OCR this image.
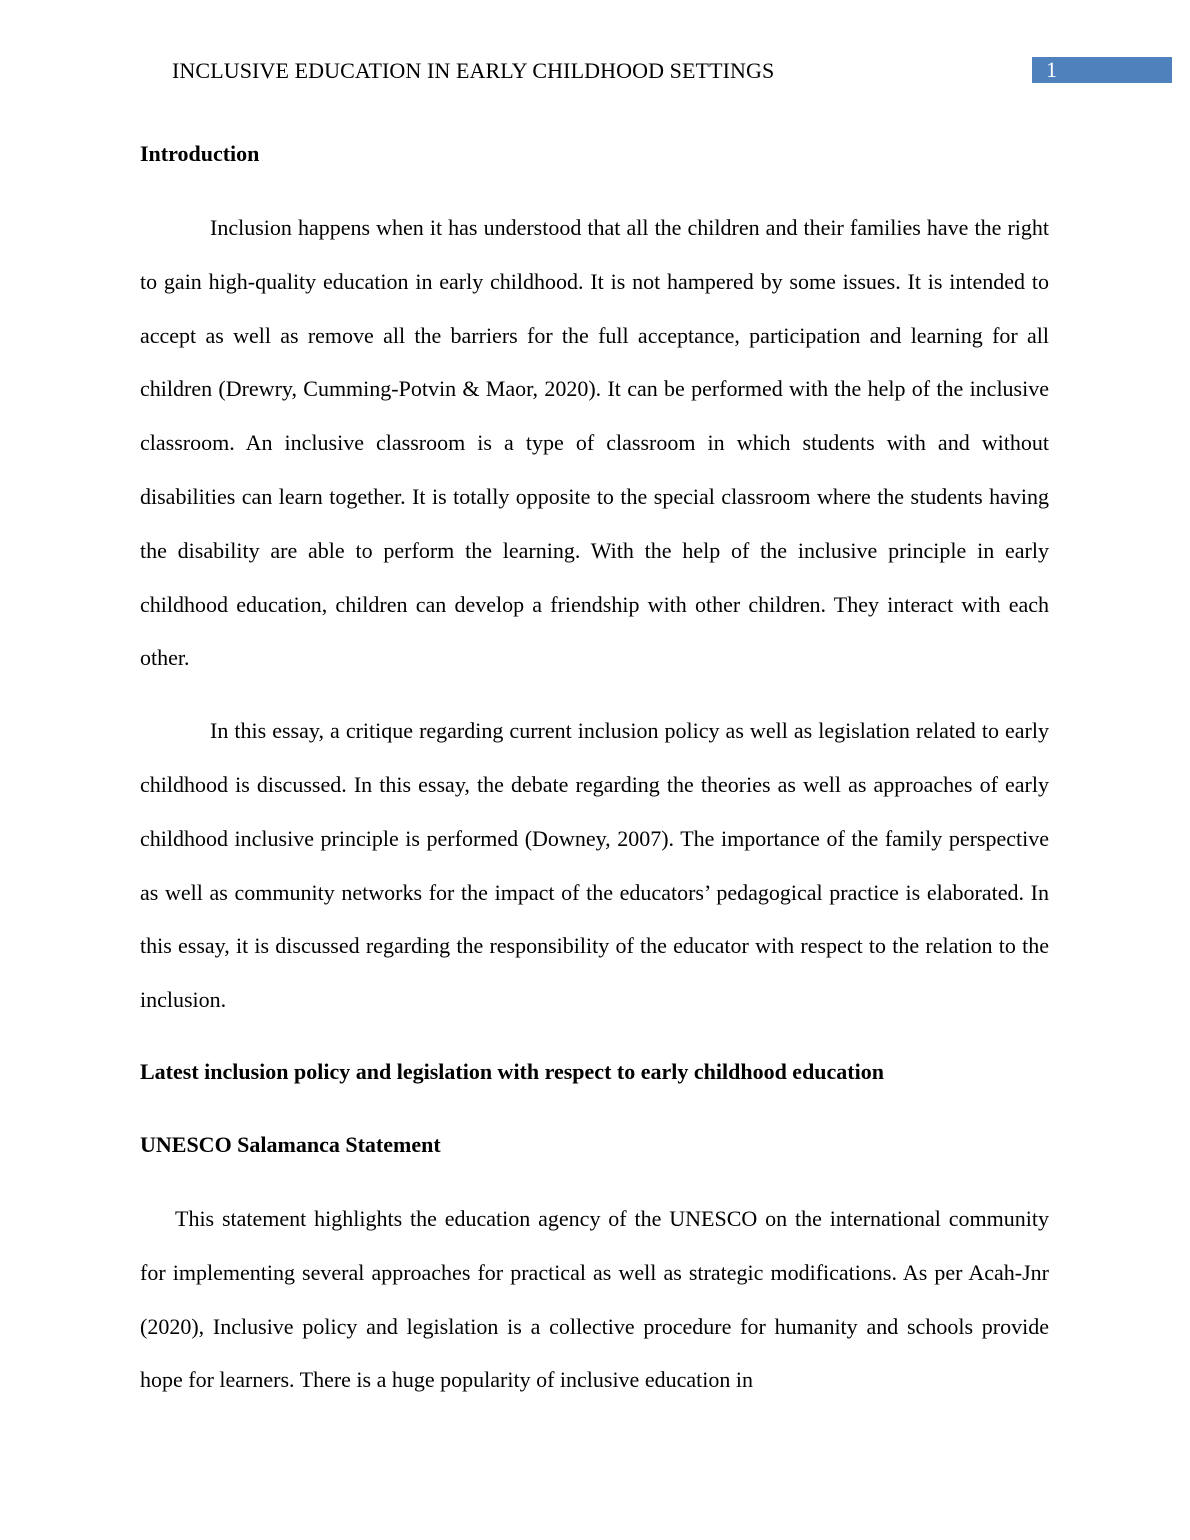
INCLUSIVE EDUCATION IN EARLY CHILDHOOD SETTINGS	1
Introduction

Inclusion happens when it has understood that all the children and their families have the right to gain high-quality education in early childhood. It is not hampered by some issues. It is intended to accept as well as remove all the barriers for the full acceptance, participation and learning for all children (Drewry, Cumming-Potvin & Maor, 2020). It can be performed with the help of the inclusive classroom. An inclusive classroom is a type of classroom in which students with and without disabilities can learn together. It is totally opposite to the special classroom where the students having the disability are able to perform the learning. With the help of the inclusive principle in early childhood education, children can develop a friendship with other children. They interact with each other.

In this essay, a critique regarding current inclusion policy as well as legislation related to early childhood is discussed. In this essay, the debate regarding the theories as well as approaches of early childhood inclusive principle is performed (Downey, 2007). The importance of the family perspective as well as community networks for the impact of the educators’ pedagogical practice is elaborated. In this essay, it is discussed regarding the responsibility of the educator with respect to the relation to the inclusion.

Latest inclusion policy and legislation with respect to early childhood education
UNESCO Salamanca Statement

This statement highlights the education agency of the UNESCO on the international community for implementing several approaches for practical as well as strategic modifications. As per Acah-Jnr (2020), Inclusive policy and legislation is a collective procedure for humanity and schools provide hope for learners. There is a huge popularity of inclusive education in
